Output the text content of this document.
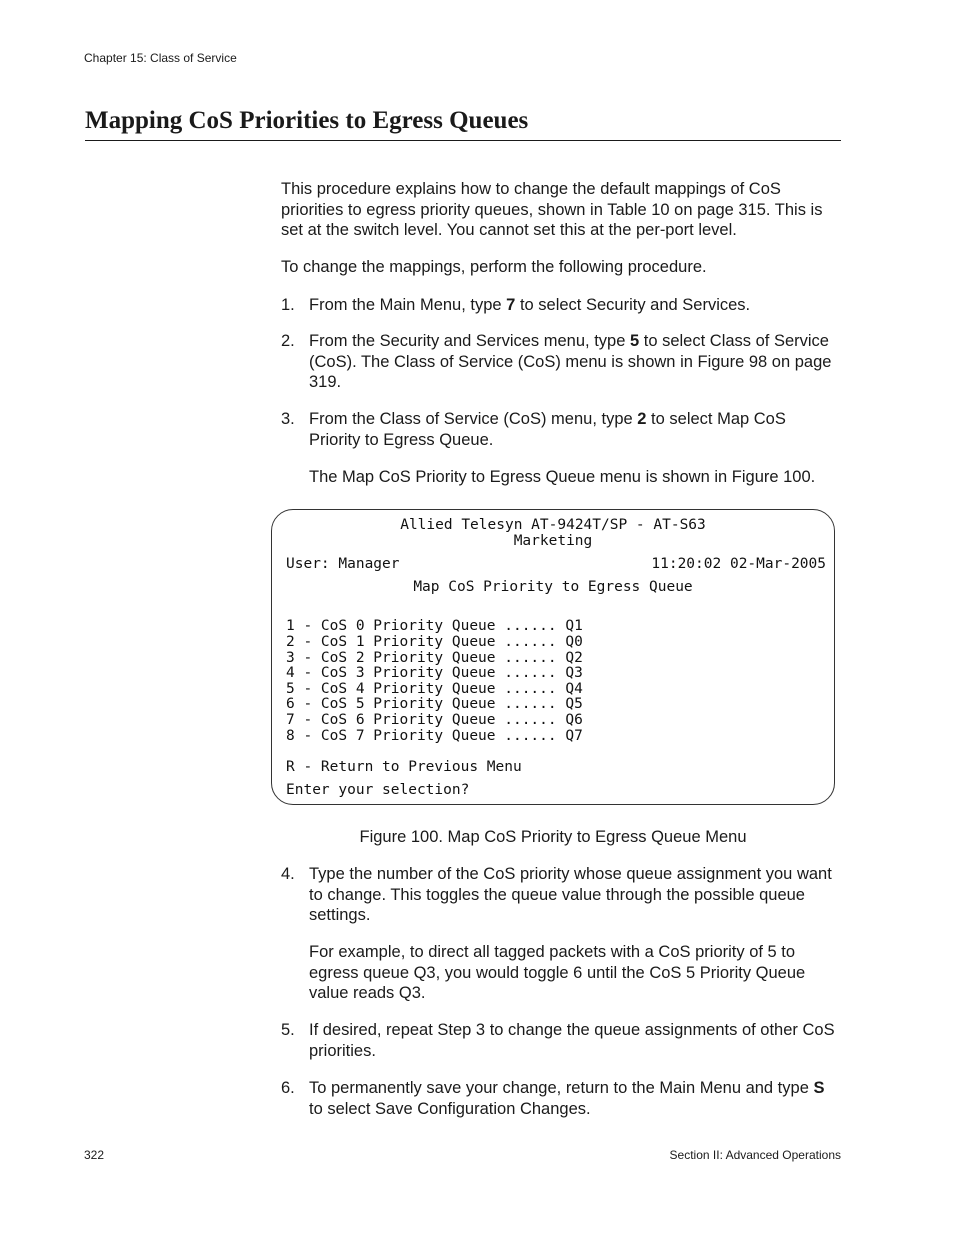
Chapter 15: Class of Service
Mapping CoS Priorities to Egress Queues

This procedure explains how to change the default mappings of CoS priorities to egress priority queues, shown in Table 10 on page 315. This is set at the switch level. You cannot set this at the per-port level.

To change the mappings, perform the following procedure.

1. From the Main Menu, type 7 to select Security and Services.
2. From the Security and Services menu, type 5 to select Class of Service (CoS). The Class of Service (CoS) menu is shown in Figure 98 on page 319.
3. From the Class of Service (CoS) menu, type 2 to select Map CoS Priority to Egress Queue.

The Map CoS Priority to Egress Queue menu is shown in Figure 100.

Allied Telesyn AT-9424T/SP - AT-S63
Marketing
User: Manager	11:20:02 02-Mar-2005
Map CoS Priority to Egress Queue
1 - CoS 0 Priority Queue ...... Q1
2 - CoS 1 Priority Queue ...... Q0
3 - CoS 2 Priority Queue ...... Q2
4 - CoS 3 Priority Queue ...... Q3
5 - CoS 4 Priority Queue ...... Q4
6 - CoS 5 Priority Queue ...... Q5
7 - CoS 6 Priority Queue ...... Q6
8 - CoS 7 Priority Queue ...... Q7
R - Return to Previous Menu
Enter your selection?
Figure 100. Map CoS Priority to Egress Queue Menu
4. Type the number of the CoS priority whose queue assignment you want to change. This toggles the queue value through the possible queue settings.

For example, to direct all tagged packets with a CoS priority of 5 to egress queue Q3, you would toggle 6 until the CoS 5 Priority Queue value reads Q3.

5. If desired, repeat Step 3 to change the queue assignments of other CoS priorities.
6. To permanently save your change, return to the Main Menu and type S to select Save Configuration Changes.
322	Section II: Advanced Operations
